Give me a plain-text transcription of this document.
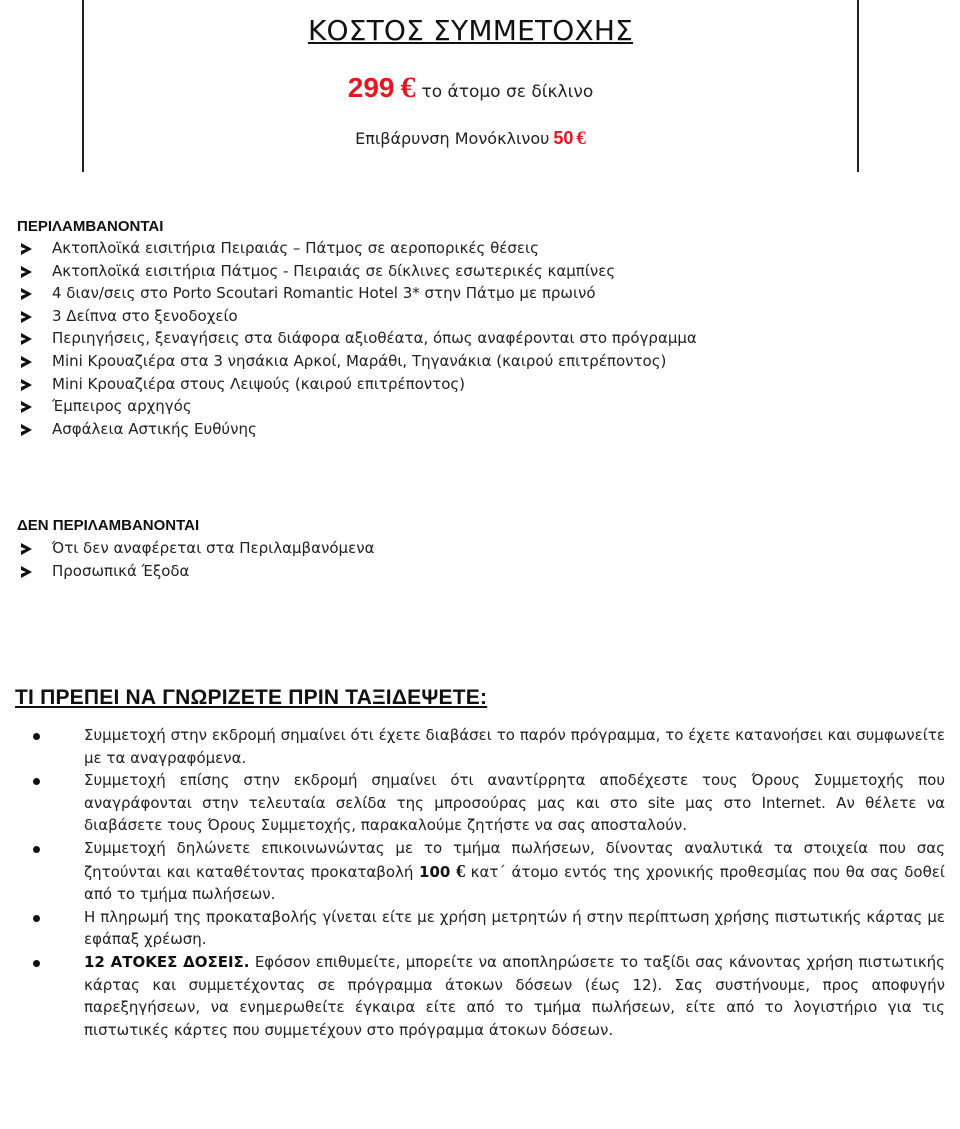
ΚΟΣΤΟΣ ΣΥΜΜΕΤΟΧΗΣ
299 € το άτομο σε δίκλινο
Επιβάρυνση Μονόκλινου 50 €
ΠΕΡΙΛΑΜΒΑΝΟΝΤΑΙ
Ακτοπλοϊκά εισιτήρια Πειραιάς – Πάτμος σε αεροπορικές θέσεις
Ακτοπλοϊκά εισιτήρια Πάτμος - Πειραιάς σε δίκλινες εσωτερικές καμπίνες
4 διαν/σεις στο Porto Scoutari Romantic Hotel 3* στην Πάτμο με πρωινό
3 Δείπνα στο ξενοδοχείο
Περιηγήσεις, ξεναγήσεις στα διάφορα αξιοθέατα, όπως αναφέρονται στο πρόγραμμα
Mini Κρουαζιέρα στα 3 νησάκια Αρκοί, Μαράθι, Τηγανάκια (καιρού επιτρέποντος)
Mini Κρουαζιέρα στους Λειψούς (καιρού επιτρέποντος)
Έμπειρος αρχηγός
Ασφάλεια Αστικής Ευθύνης
ΔΕΝ ΠΕΡΙΛΑΜΒΑΝΟΝΤΑΙ
Ότι δεν αναφέρεται στα Περιλαμβανόμενα
Προσωπικά Έξοδα
ΤΙ ΠΡΕΠΕΙ ΝΑ ΓΝΩΡΙΖΕΤΕ ΠΡΙΝ ΤΑΞΙΔΕΨΕΤΕ:
Συμμετοχή στην εκδρομή σημαίνει ότι έχετε διαβάσει το παρόν πρόγραμμα, το έχετε κατανοήσει και συμφωνείτε με τα αναγραφόμενα.
Συμμετοχή επίσης στην εκδρομή σημαίνει ότι αναντίρρητα αποδέχεστε τους Όρους Συμμετοχής που αναγράφονται στην τελευταία σελίδα της μπροσούρας μας και στο site μας στο Internet. Αν θέλετε να διαβάσετε τους Όρους Συμμετοχής, παρακαλούμε ζητήστε να σας αποσταλούν.
Συμμετοχή δηλώνετε επικοινωνώντας με το τμήμα πωλήσεων, δίνοντας αναλυτικά τα στοιχεία που σας ζητούνται και καταθέτοντας προκαταβολή 100 € κατ΄ άτομο εντός της χρονικής προθεσμίας που θα σας δοθεί από το τμήμα πωλήσεων.
Η πληρωμή της προκαταβολής γίνεται είτε με χρήση μετρητών ή στην περίπτωση χρήσης πιστωτικής κάρτας με εφάπαξ χρέωση.
12 ΑΤΟΚΕΣ ΔΟΣΕΙΣ. Εφόσον επιθυμείτε, μπορείτε να αποπληρώσετε το ταξίδι σας κάνοντας χρήση πιστωτικής κάρτας και συμμετέχοντας σε πρόγραμμα άτοκων δόσεων (έως 12). Σας συστήνουμε, προς αποφυγήν παρεξηγήσεων, να ενημερωθείτε έγκαιρα είτε από το τμήμα πωλήσεων, είτε από το λογιστήριο για τις πιστωτικές κάρτες που συμμετέχουν στο πρόγραμμα άτοκων δόσεων.
